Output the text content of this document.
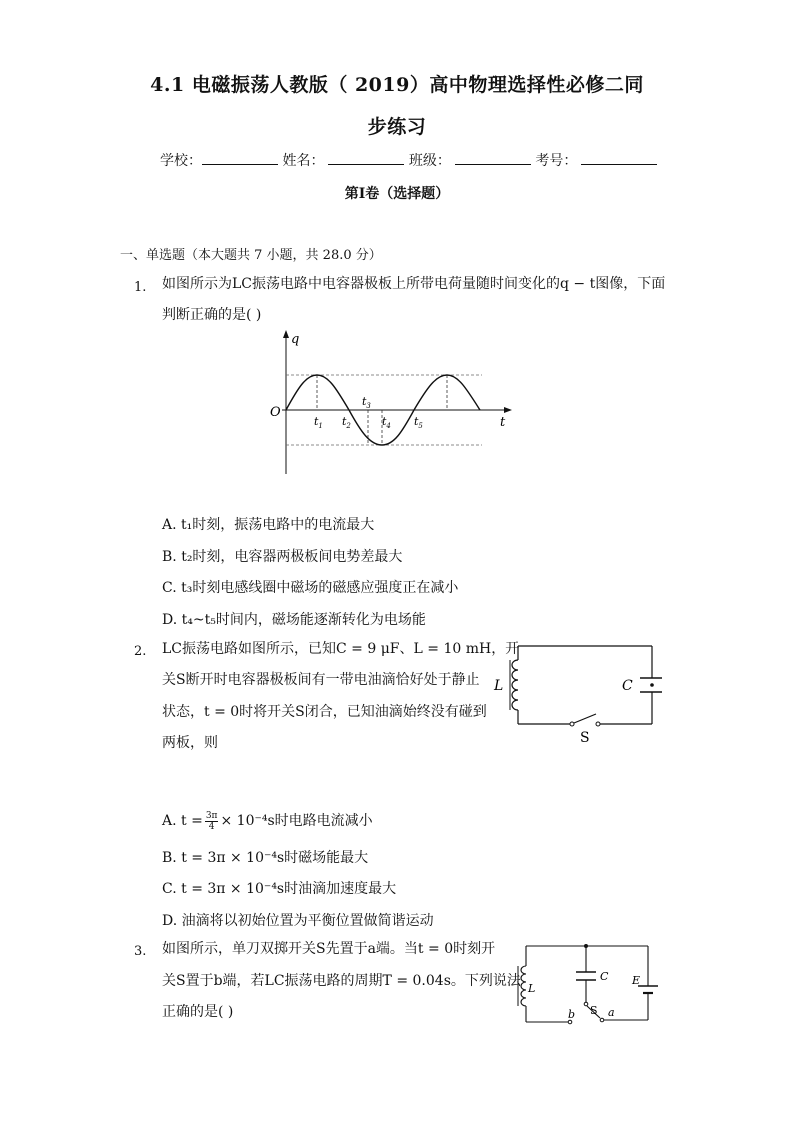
4.1 电磁振荡人教版（ 2019）高中物理选择性必修二同
步练习
学校：	姓名：	班级：	考号：
第I卷（选择题）
一、单选题（本大题共 7 小题，共 28.0 分）
1. 如图所示为LC振荡电路中电容器极板上所带电荷量随时间变化的q − t图像，下面
判断正确的是( )
q
t
O
$t_1$ $t_2$
$t_3$
$t_4$ $t_5$
A. t₁时刻，振荡电路中的电流最大
B. t₂时刻，电容器两极板间电势差最大
C. t₃时刻电感线圈中磁场的磁感应强度正在减小
D. t₄~t₅时间内，磁场能逐渐转化为电场能
2. LC振荡电路如图所示，已知C = 9 μF、L = 10 mH，开
关S断开时电容器极板间有一带电油滴恰好处于静止
状态，t = 0时将开关S闭合，已知油滴始终没有碰到
两板，则
L	C
S
A. $t = \frac{3\pi}{4} \times 10^{-4}s$时电路电流减小
B. t = 3π × 10⁻⁴s时磁场能最大
C. t = 3π × 10⁻⁴s时油滴加速度最大
D. 油滴将以初始位置为平衡位置做简谐运动
3. 如图所示，单刀双掷开关S先置于a端。当t = 0时刻开
关S置于b端，若LC振荡电路的周期T = 0.04s。下列说法
正确的是( )
L
C E
S a
b
